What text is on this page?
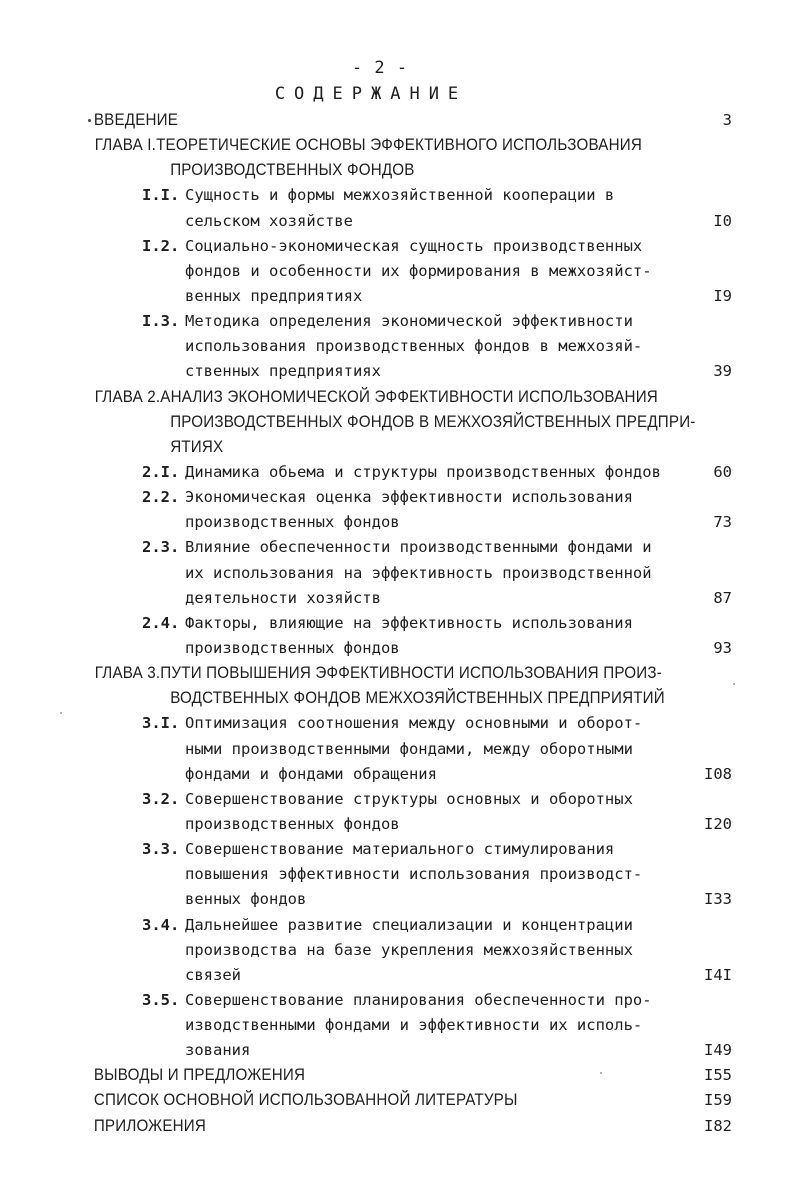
- 2 -
СОДЕРЖАНИЕ
ВВЕДЕНИЕ	3
ГЛАВА I.ТЕОРЕТИЧЕСКИЕ ОСНОВЫ ЭФФЕКТИВНОГО ИСПОЛЬЗОВАНИЯ
ПРОИЗВОДСТВЕННЫХ ФОНДОВ
I.I. Сущность и формы межхозяйственной кооперации в
сельском хозяйстве	I0
I.2. Социально-экономическая сущность производственных
фондов и особенности их формирования в межхозяйст-
венных предприятиях	I9
I.3. Методика определения экономической эффективности
использования производственных фондов в межхозяй-
ственных предприятиях	39
ГЛАВА 2.АНАЛИЗ ЭКОНОМИЧЕСКОЙ ЭФФЕКТИВНОСТИ ИСПОЛЬЗОВАНИЯ
ПРОИЗВОДСТВЕННЫХ ФОНДОВ В МЕЖХОЗЯЙСТВЕННЫХ ПРЕДПРИ-
ЯТИЯХ
2.I. Динамика обьема и структуры производственных фондов	60
2.2. Экономическая оценка эффективности использования
производственных фондов	73
2.3. Влияние обеспеченности производственными фондами и
их использования на эффективность производственной
деятельности хозяйств	87
2.4. Факторы, влияющие на эффективность использования
производственных фондов	93
ГЛАВА 3.ПУТИ ПОВЫШЕНИЯ ЭФФЕКТИВНОСТИ ИСПОЛЬЗОВАНИЯ ПРОИЗ-
ВОДСТВЕННЫХ ФОНДОВ МЕЖХОЗЯЙСТВЕННЫХ ПРЕДПРИЯТИЙ
3.I. Оптимизация соотношения между основными и оборот-
ными производственными фондами, между оборотными
фондами и фондами обращения	I08
3.2. Совершенствование структуры основных и оборотных
производственных фондов	I20
3.3. Совершенствование материального стимулирования
повышения эффективности использования производст-
венных фондов	I33
3.4. Дальнейшее развитие специализации и концентрации
производства на базе укрепления межхозяйственных
связей	I4I
3.5. Совершенствование планирования обеспеченности про-
изводственными фондами и эффективности их исполь-
зования	I49
ВЫВОДЫ И ПРЕДЛОЖЕНИЯ	I55
СПИСОК ОСНОВНОЙ ИСПОЛЬЗОВАННОЙ ЛИТЕРАТУРЫ	I59
ПРИЛОЖЕНИЯ	I82
